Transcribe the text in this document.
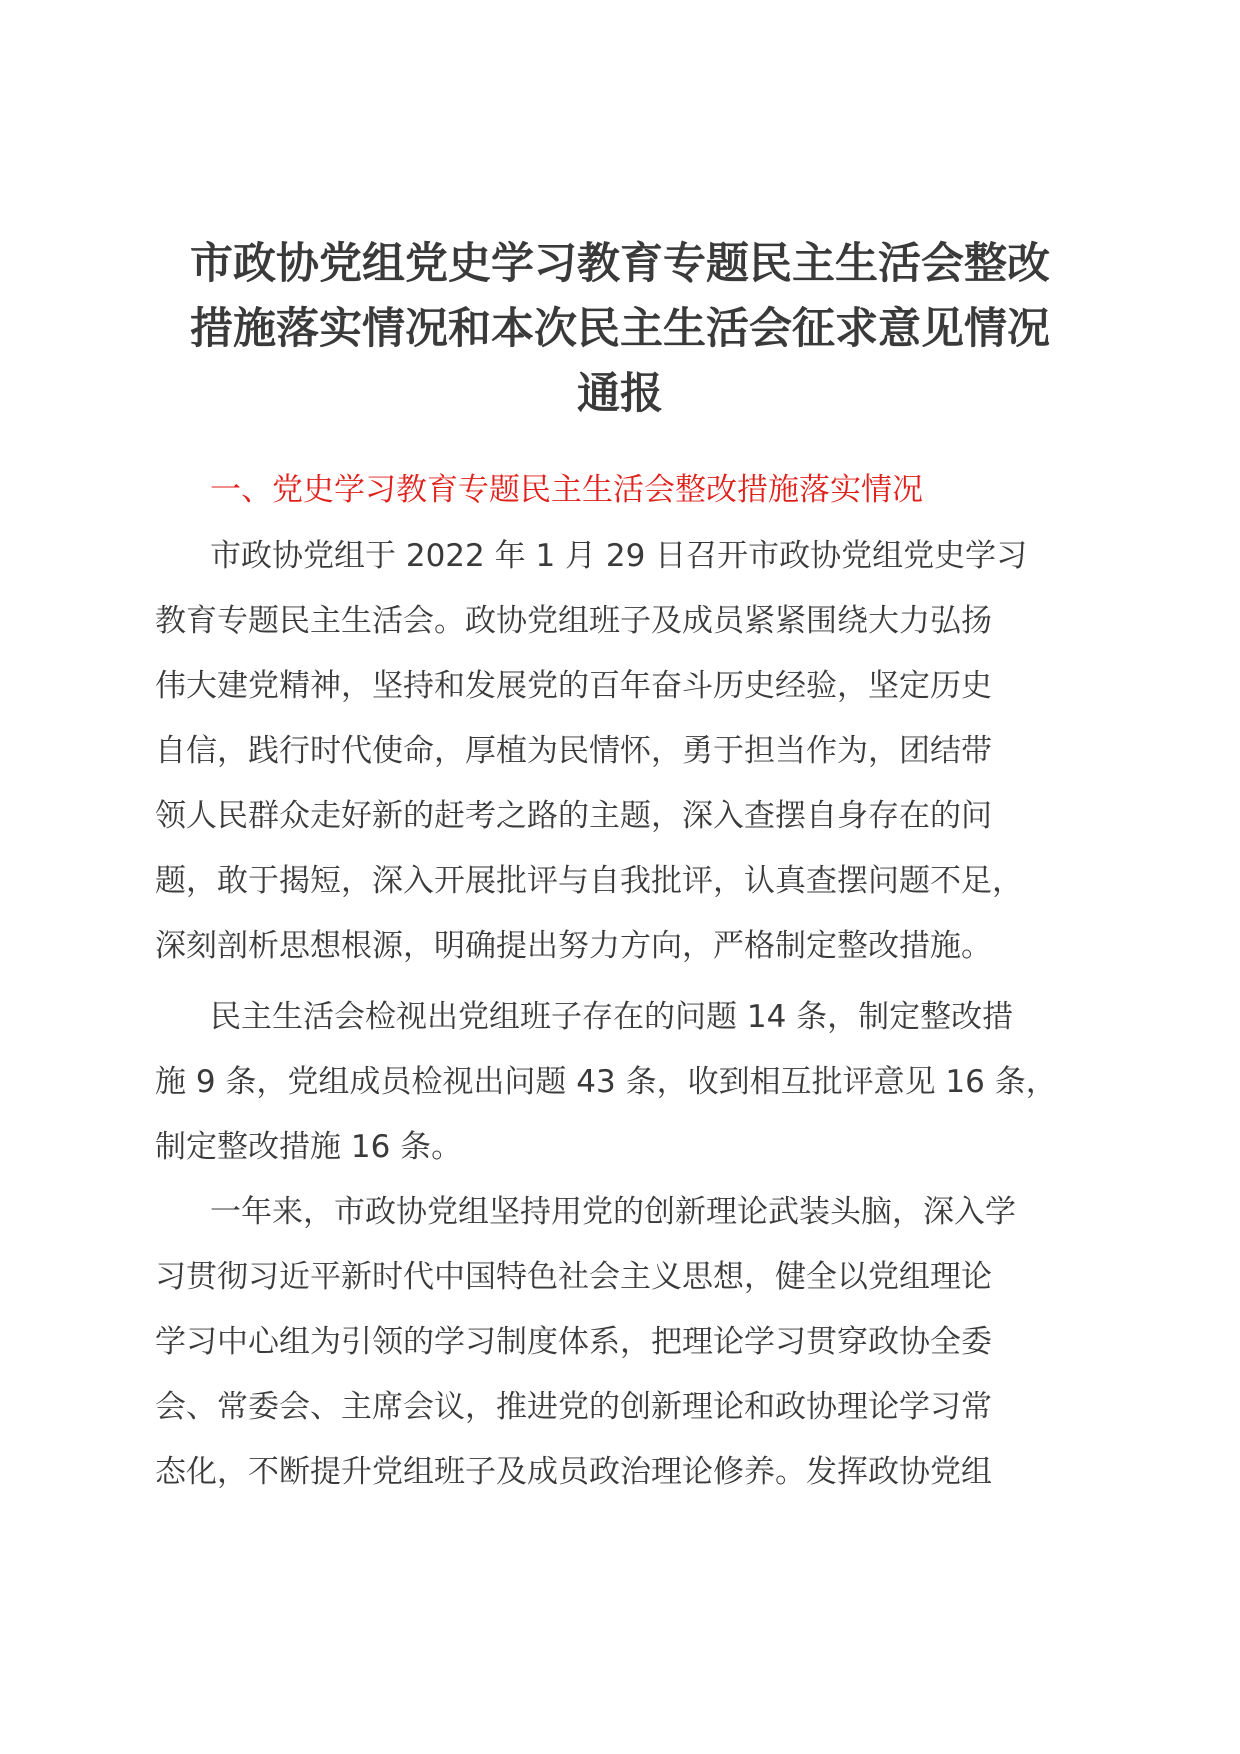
市政协党组党史学习教育专题民主生活会整改
措施落实情况和本次民主生活会征求意见情况
通报
一、党史学习教育专题民主生活会整改措施落实情况

市政协党组于 2022 年 1 月 29 日召开市政协党组党史学习
教育专题民主生活会。政协党组班子及成员紧紧围绕大力弘扬
伟大建党精神，坚持和发展党的百年奋斗历史经验，坚定历史
自信，践行时代使命，厚植为民情怀，勇于担当作为，团结带
领人民群众走好新的赶考之路的主题，深入查摆自身存在的问
题，敢于揭短，深入开展批评与自我批评，认真查摆问题不足，
深刻剖析思想根源，明确提出努力方向，严格制定整改措施。

民主生活会检视出党组班子存在的问题 14 条，制定整改措
施 9 条，党组成员检视出问题 43 条，收到相互批评意见 16 条，
制定整改措施 16 条。

一年来，市政协党组坚持用党的创新理论武装头脑，深入学
习贯彻习近平新时代中国特色社会主义思想，健全以党组理论
学习中心组为引领的学习制度体系，把理论学习贯穿政协全委
会、常委会、主席会议，推进党的创新理论和政协理论学习常
态化，不断提升党组班子及成员政治理论修养。发挥政协党组
